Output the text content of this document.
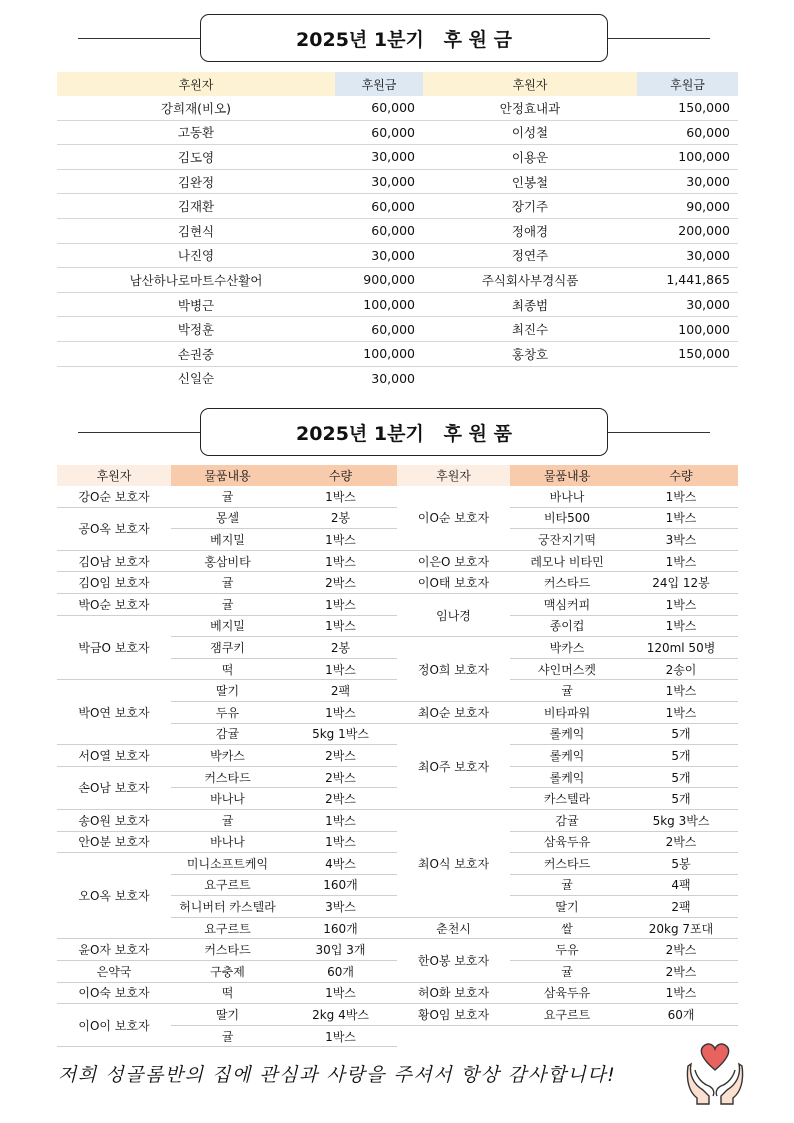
2025년 1분기   후 원 금
후원자	후원금	후원자	후원금
강희재(비오)	60,000	안정효내과	150,000
고동환	60,000	이성철	60,000
김도영	30,000	이용운	100,000
김완정	30,000	인봉철	30,000
김재환	60,000	장기주	90,000
김현식	60,000	정애경	200,000
나진영	30,000	정연주	30,000
남산하나로마트수산활어	900,000	주식회사부경식품	1,441,865
박병근	100,000	최종범	30,000
박정훈	60,000	최진수	100,000
손권중	100,000	홍창호	150,000
신일순	30,000		
2025년 1분기   후 원 품
후원자	물품내용	수량	후원자	물품내용	수량
강O순 보호자	귤	1박스	이O순 보호자	바나나	1박스
공O옥 보호자	몽셀	2봉		비타500	1박스
	베지밀	1박스		궁잔지기떡	3박스
김O남 보호자	홍삼비타	1박스	이은O 보호자	레모나 비타민	1박스
김O임 보호자	귤	2박스	이O태 보호자	커스타드	24입 12봉
박O순 보호자	귤	1박스	임나경	맥심커피	1박스
박금O 보호자	베지밀	1박스		종이컵	1박스
	잼쿠키	2봉	정O희 보호자	박카스	120ml 50병
	떡	1박스		샤인머스켓	2송이
박O연 보호자	딸기	2팩		귤	1박스
	두유	1박스	최O순 보호자	비타파워	1박스
	감귤	5kg 1박스	최O주 보호자	롤케익	5개
서O열 보호자	박카스	2박스		롤케익	5개
손O남 보호자	커스타드	2박스		롤케익	5개
	바나나	2박스		카스텔라	5개
송O원 보호자	귤	1박스	최O식 보호자	감귤	5kg 3박스
안O분 보호자	바나나	1박스		삼육두유	2박스
오O옥 보호자	미니소프트케익	4박스		커스타드	5봉
	요구르트	160개		귤	4팩
	허니버터 카스텔라	3박스		딸기	2팩
	요구르트	160개	춘천시	쌀	20kg 7포대
윤O자 보호자	커스타드	30입 3개	한O봉 보호자	두유	2박스
은약국	구충제	60개		귤	2박스
이O숙 보호자	떡	1박스	허O화 보호자	삼육두유	1박스
이O이 보호자	딸기	2kg 4박스	황O임 보호자	요구르트	60개
	귤	1박스			
저희 성골롬반의 집에 관심과 사랑을 주셔서 항상 감사합니다!
